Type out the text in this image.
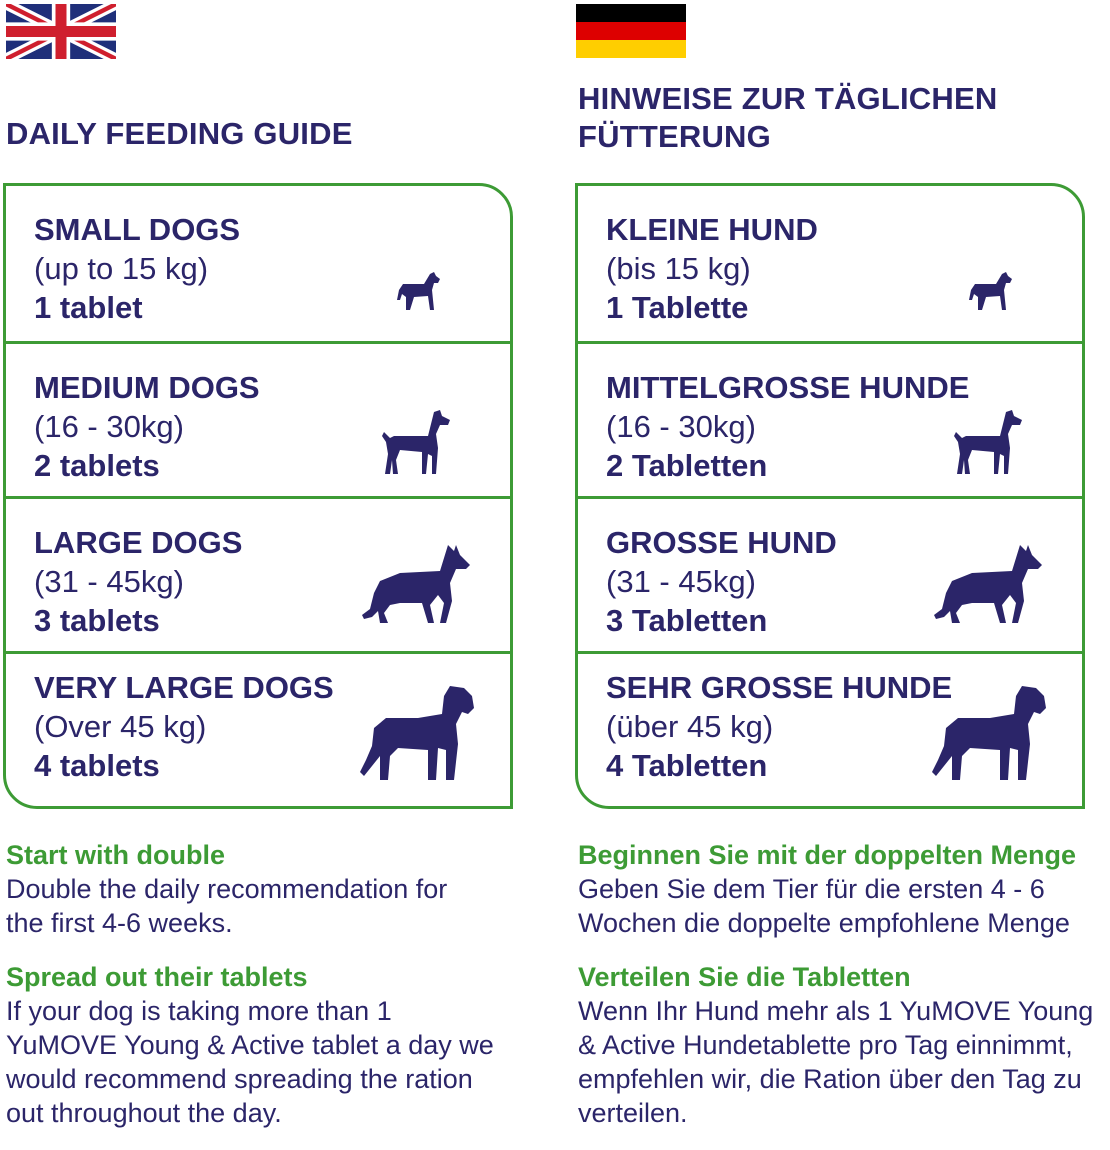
DAILY FEEDING GUIDE
SMALL DOGS
(up to 15 kg)
1 tablet
MEDIUM DOGS
(16 - 30kg)
2 tablets
LARGE DOGS
(31 - 45kg)
3 tablets
VERY LARGE DOGS
(Over 45 kg)
4 tablets
Start with double
Double the daily recommendation for
the first 4-6 weeks.
Spread out their tablets
If your dog is taking more than 1
YuMOVE Young & Active tablet a day we
would recommend spreading the ration
out throughout the day.
HINWEISE ZUR TÄGLICHEN
FÜTTERUNG
KLEINE HUND
(bis 15 kg)
1 Tablette
MITTELGROSSE HUNDE
(16 - 30kg)
2 Tabletten
GROSSE HUND
(31 - 45kg)
3 Tabletten
SEHR GROSSE HUNDE
(über 45 kg)
4 Tabletten
Beginnen Sie mit der doppelten Menge
Geben Sie dem Tier für die ersten 4 - 6
Wochen die doppelte empfohlene Menge
Verteilen Sie die Tabletten
Wenn Ihr Hund mehr als 1 YuMOVE Young
& Active Hundetablette pro Tag einnimmt,
empfehlen wir, die Ration über den Tag zu
verteilen.
